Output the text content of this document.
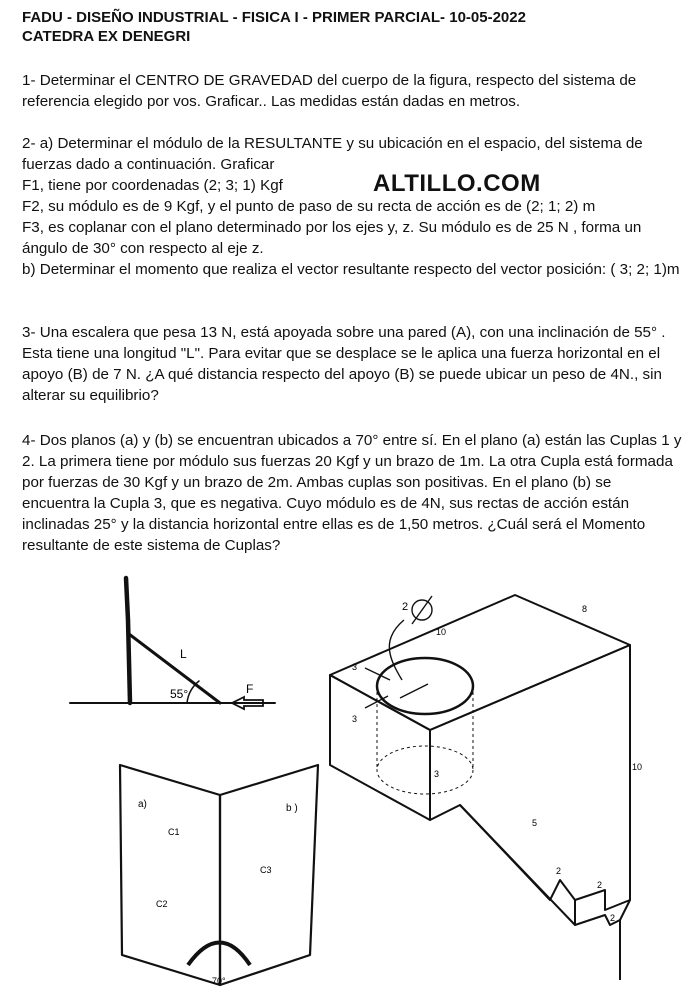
FADU - DISEÑO INDUSTRIAL - FISICA I - PRIMER PARCIAL- 10-05-2022
CATEDRA EX DENEGRI

1- Determinar el CENTRO DE GRAVEDAD del cuerpo de la figura, respecto del sistema de referencia elegido por vos. Graficar.. Las medidas están dadas en metros.

2- a) Determinar el módulo de la RESULTANTE y su ubicación en el espacio, del sistema de fuerzas dado a continuación. Graficar

F1, tiene por coordenadas (2; 3; 1) Kgf

F2, su módulo es de 9 Kgf, y el punto de paso de su recta de acción es de (2; 1; 2) m

F3, es coplanar con el plano determinado por los ejes y, z. Su módulo es de 25 N , forma un ángulo de 30° con respecto al eje z.

b) Determinar el momento que realiza el vector resultante respecto del vector posición: ( 3; 2; 1)m

ALTILLO.COM

3- Una escalera que pesa 13 N, está apoyada sobre una pared (A), con una inclinación de 55° . Esta tiene una longitud "L". Para evitar que se desplace se le aplica una fuerza horizontal en el apoyo (B) de 7 N. ¿A qué distancia respecto del apoyo (B) se puede ubicar un peso de 4N., sin alterar su equilibrio?

4- Dos planos (a) y (b) se encuentran ubicados a 70° entre sí. En el plano (a) están las Cuplas 1 y 2. La primera tiene por módulo sus fuerzas 20 Kgf y un brazo de 1m. La otra Cupla está formada por fuerzas de 30 Kgf y un brazo de 2m. Ambas cuplas son positivas. En el plano (b) se encuentra la Cupla 3, que es negativa. Cuyo módulo es de 4N, sus rectas de acción están inclinadas 25° y la distancia horizontal entre ellas es de 1,50 metros. ¿Cuál será el Momento resultante de este sistema de Cuplas?

L
55°	F
a)	b )
C1
C2
C3
70°
2
10
8
10
3
3
3
5
2
2
2
